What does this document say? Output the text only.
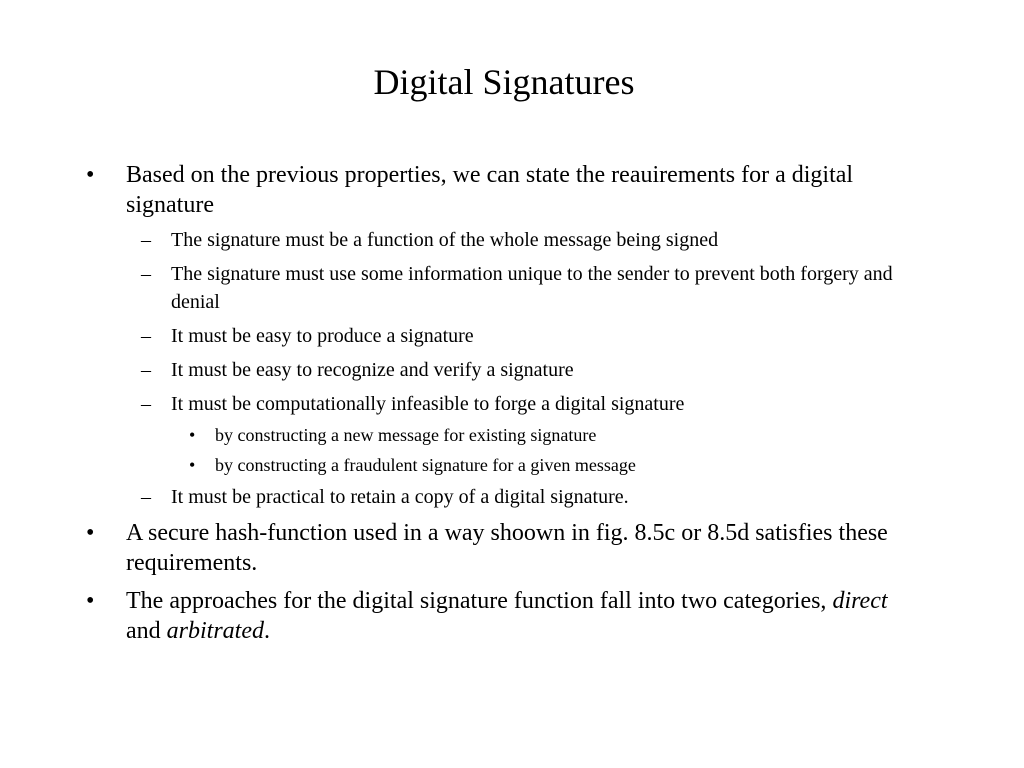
Digital Signatures
• Based on the previous properties, we can state the reauirements for a digital signature
– The signature must be a function of the whole message being signed
– The signature must use some information unique to the sender to prevent both forgery and denial
– It must be easy to produce a signature
– It must be easy to recognize and verify a signature
– It must be computationally infeasible to forge a digital signature
• by constructing a new message for existing signature
• by constructing a fraudulent signature for a given message
– It must be practical to retain a copy of a digital signature.
• A secure hash-function used in a way shoown in fig. 8.5c or 8.5d satisfies these requirements.
• The approaches for the digital signature function fall into two categories, direct and arbitrated.
